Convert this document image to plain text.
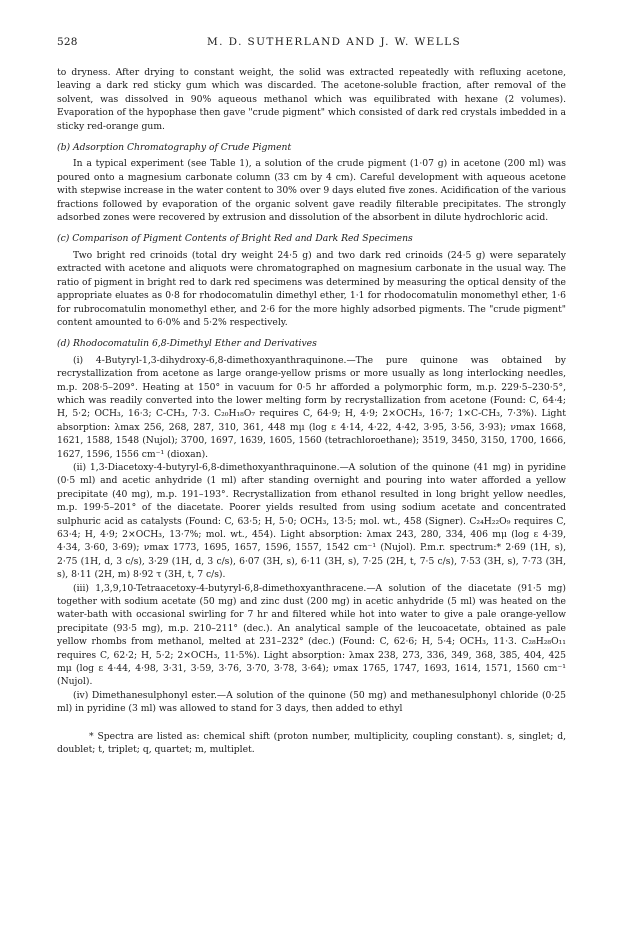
528	M. D. SUTHERLAND AND J. W. WELLS

to dryness. After drying to constant weight, the solid was extracted repeatedly with refluxing acetone, leaving a dark red sticky gum which was discarded. The acetone-soluble fraction, after removal of the solvent, was dissolved in 90% aqueous methanol which was equilibrated with hexane (2 volumes). Evaporation of the hypophase then gave "crude pigment" which consisted of dark red crystals imbedded in a sticky red-orange gum.

(b) Adsorption Chromatography of Crude Pigment

In a typical experiment (see Table 1), a solution of the crude pigment (1·07 g) in acetone (200 ml) was poured onto a magnesium carbonate column (33 cm by 4 cm). Careful development with aqueous acetone with stepwise increase in the water content to 30% over 9 days eluted five zones. Acidification of the various fractions followed by evaporation of the organic solvent gave readily filterable precipitates. The strongly adsorbed zones were recovered by extrusion and dissolution of the absorbent in dilute hydrochloric acid.

(c) Comparison of Pigment Contents of Bright Red and Dark Red Specimens

Two bright red crinoids (total dry weight 24·5 g) and two dark red crinoids (24·5 g) were separately extracted with acetone and aliquots were chromatographed on magnesium carbonate in the usual way. The ratio of pigment in bright red to dark red specimens was determined by measuring the optical density of the appropriate eluates as 0·8 for rhodocomatulin dimethyl ether, 1·1 for rhodocomatulin monomethyl ether, 1·6 for rubrocomatulin monomethyl ether, and 2·6 for the more highly adsorbed pigments. The "crude pigment" content amounted to 6·0% and 5·2% respectively.

(d) Rhodocomatulin 6,8-Dimethyl Ether and Derivatives

(i) 4-Butyryl-1,3-dihydroxy-6,8-dimethoxyanthraquinone.—The pure quinone was obtained by recrystallization from acetone as large orange-yellow prisms or more usually as long interlocking needles, m.p. 208·5–209°. Heating at 150° in vacuum for 0·5 hr afforded a polymorphic form, m.p. 229·5–230·5°, which was readily converted into the lower melting form by recrystallization from acetone (Found: C, 64·4; H, 5·2; OCH₃, 16·3; C-CH₃, 7·3. C₂₀H₁₈O₇ requires C, 64·9; H, 4·9; 2×OCH₃, 16·7; 1×C-CH₃, 7·3%). Light absorption: λmax 256, 268, 287, 310, 361, 448 mμ (log ε 4·14, 4·22, 4·42, 3·95, 3·56, 3·93); νmax 1668, 1621, 1588, 1548 (Nujol); 3700, 1697, 1639, 1605, 1560 (tetrachloroethane); 3519, 3450, 3150, 1700, 1666, 1627, 1596, 1556 cm⁻¹ (dioxan).

(ii) 1,3-Diacetoxy-4-butyryl-6,8-dimethoxyanthraquinone.—A solution of the quinone (41 mg) in pyridine (0·5 ml) and acetic anhydride (1 ml) after standing overnight and pouring into water afforded a yellow precipitate (40 mg), m.p. 191–193°. Recrystallization from ethanol resulted in long bright yellow needles, m.p. 199·5–201° of the diacetate. Poorer yields resulted from using sodium acetate and concentrated sulphuric acid as catalysts (Found: C, 63·5; H, 5·0; OCH₃, 13·5; mol. wt., 458 (Signer). C₂₄H₂₂O₉ requires C, 63·4; H, 4·9; 2×OCH₃, 13·7%; mol. wt., 454). Light absorption: λmax 243, 280, 334, 406 mμ (log ε 4·39, 4·34, 3·60, 3·69); νmax 1773, 1695, 1657, 1596, 1557, 1542 cm⁻¹ (Nujol). P.m.r. spectrum:* 2·69 (1H, s), 2·75 (1H, d, 3 c/s), 3·29 (1H, d, 3 c/s), 6·07 (3H, s), 6·11 (3H, s), 7·25 (2H, t, 7·5 c/s), 7·53 (3H, s), 7·73 (3H, s), 8·11 (2H, m) 8·92 τ (3H, t, 7 c/s).

(iii) 1,3,9,10-Tetraacetoxy-4-butyryl-6,8-dimethoxyanthracene.—A solution of the diacetate (91·5 mg) together with sodium acetate (50 mg) and zinc dust (200 mg) in acetic anhydride (5 ml) was heated on the water-bath with occasional swirling for 7 hr and filtered while hot into water to give a pale orange-yellow precipitate (93·5 mg), m.p. 210–211° (dec.). An analytical sample of the leucoacetate, obtained as pale yellow rhombs from methanol, melted at 231–232° (dec.) (Found: C, 62·6; H, 5·4; OCH₃, 11·3. C₂₈H₂₈O₁₁ requires C, 62·2; H, 5·2; 2×OCH₃, 11·5%). Light absorption: λmax 238, 273, 336, 349, 368, 385, 404, 425 mμ (log ε 4·44, 4·98, 3·31, 3·59, 3·76, 3·70, 3·78, 3·64); νmax 1765, 1747, 1693, 1614, 1571, 1560 cm⁻¹ (Nujol).

(iv) Dimethanesulphonyl ester.—A solution of the quinone (50 mg) and methanesulphonyl chloride (0·25 ml) in pyridine (3 ml) was allowed to stand for 3 days, then added to ethyl

* Spectra are listed as: chemical shift (proton number, multiplicity, coupling constant). s, singlet; d, doublet; t, triplet; q, quartet; m, multiplet.
